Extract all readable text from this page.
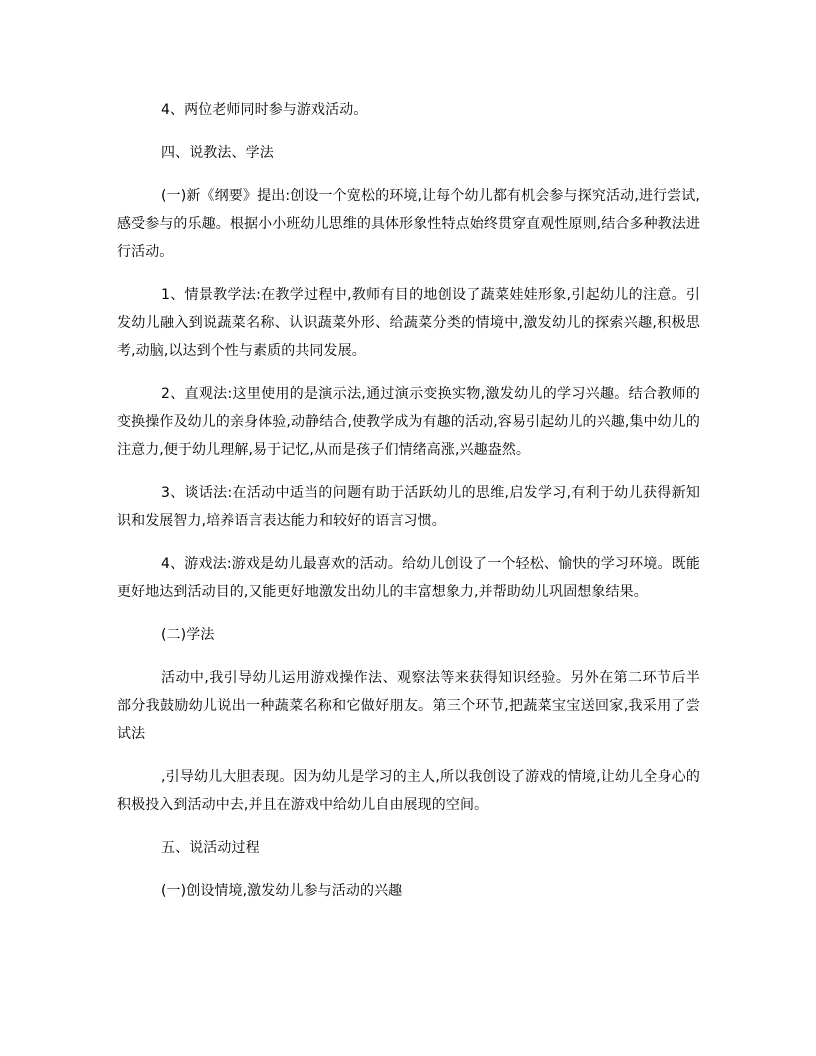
4、两位老师同时参与游戏活动。

四、说教法、学法

(一)新《纲要》提出:创设一个宽松的环境,让每个幼儿都有机会参与探究活动,进行尝试,感受参与的乐趣。根据小小班幼儿思维的具体形象性特点始终贯穿直观性原则,结合多种教法进行活动。

1、情景教学法:在教学过程中,教师有目的地创设了蔬菜娃娃形象,引起幼儿的注意。引发幼儿融入到说蔬菜名称、认识蔬菜外形、给蔬菜分类的情境中,激发幼儿的探索兴趣,积极思考,动脑,以达到个性与素质的共同发展。

2、直观法:这里使用的是演示法,通过演示变换实物,激发幼儿的学习兴趣。结合教师的变换操作及幼儿的亲身体验,动静结合,使教学成为有趣的活动,容易引起幼儿的兴趣,集中幼儿的注意力,便于幼儿理解,易于记忆,从而是孩子们情绪高涨,兴趣盎然。

3、谈话法:在活动中适当的问题有助于活跃幼儿的思维,启发学习,有利于幼儿获得新知识和发展智力,培养语言表达能力和较好的语言习惯。

4、游戏法:游戏是幼儿最喜欢的活动。给幼儿创设了一个轻松、愉快的学习环境。既能更好地达到活动目的,又能更好地激发出幼儿的丰富想象力,并帮助幼儿巩固想象结果。

(二)学法

活动中,我引导幼儿运用游戏操作法、观察法等来获得知识经验。另外在第二环节后半部分我鼓励幼儿说出一种蔬菜名称和它做好朋友。第三个环节,把蔬菜宝宝送回家,我采用了尝试法

,引导幼儿大胆表现。因为幼儿是学习的主人,所以我创设了游戏的情境,让幼儿全身心的积极投入到活动中去,并且在游戏中给幼儿自由展现的空间。

五、说活动过程

(一)创设情境,激发幼儿参与活动的兴趣
